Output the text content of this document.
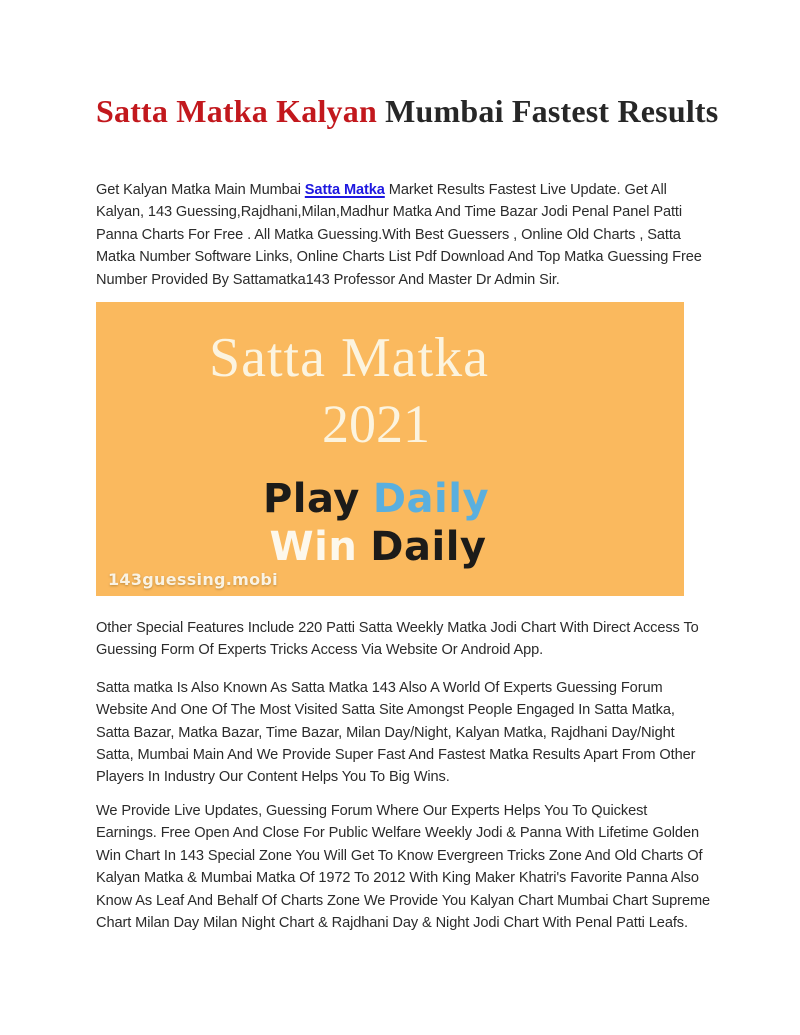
Satta Matka Kalyan Mumbai Fastest Results

Get Kalyan Matka Main Mumbai Satta Matka Market Results Fastest Live Update. Get All Kalyan, 143 Guessing,Rajdhani,Milan,Madhur Matka And Time Bazar Jodi Penal Panel Patti Panna Charts For Free . All Matka Guessing.With Best Guessers , Online Old Charts , Satta Matka Number Software Links, Online Charts List Pdf Download And Top Matka Guessing Free Number Provided By Sattamatka143 Professor And Master Dr Admin Sir.

Satta Matka
2021
Play Daily
Win Daily
143guessing.mobi

Other Special Features Include 220 Patti Satta Weekly Matka Jodi Chart With Direct Access To Guessing Form Of Experts Tricks Access Via Website Or Android App.

Satta matka Is Also Known As Satta Matka 143 Also A World Of Experts Guessing Forum Website And One Of The Most Visited Satta Site Amongst People Engaged In Satta Matka, Satta Bazar, Matka Bazar, Time Bazar, Milan Day/Night, Kalyan Matka, Rajdhani Day/Night Satta, Mumbai Main And We Provide Super Fast And Fastest Matka Results Apart From Other Players In Industry Our Content Helps You To Big Wins.

We Provide Live Updates, Guessing Forum Where Our Experts Helps You To Quickest Earnings. Free Open And Close For Public Welfare Weekly Jodi & Panna With Lifetime Golden Win Chart In 143 Special Zone You Will Get To Know Evergreen Tricks Zone And Old Charts Of Kalyan Matka & Mumbai Matka Of 1972 To 2012 With King Maker Khatri's Favorite Panna Also Know As Leaf And Behalf Of Charts Zone We Provide You Kalyan Chart Mumbai Chart Supreme Chart Milan Day Milan Night Chart & Rajdhani Day & Night Jodi Chart With Penal Patti Leafs.
